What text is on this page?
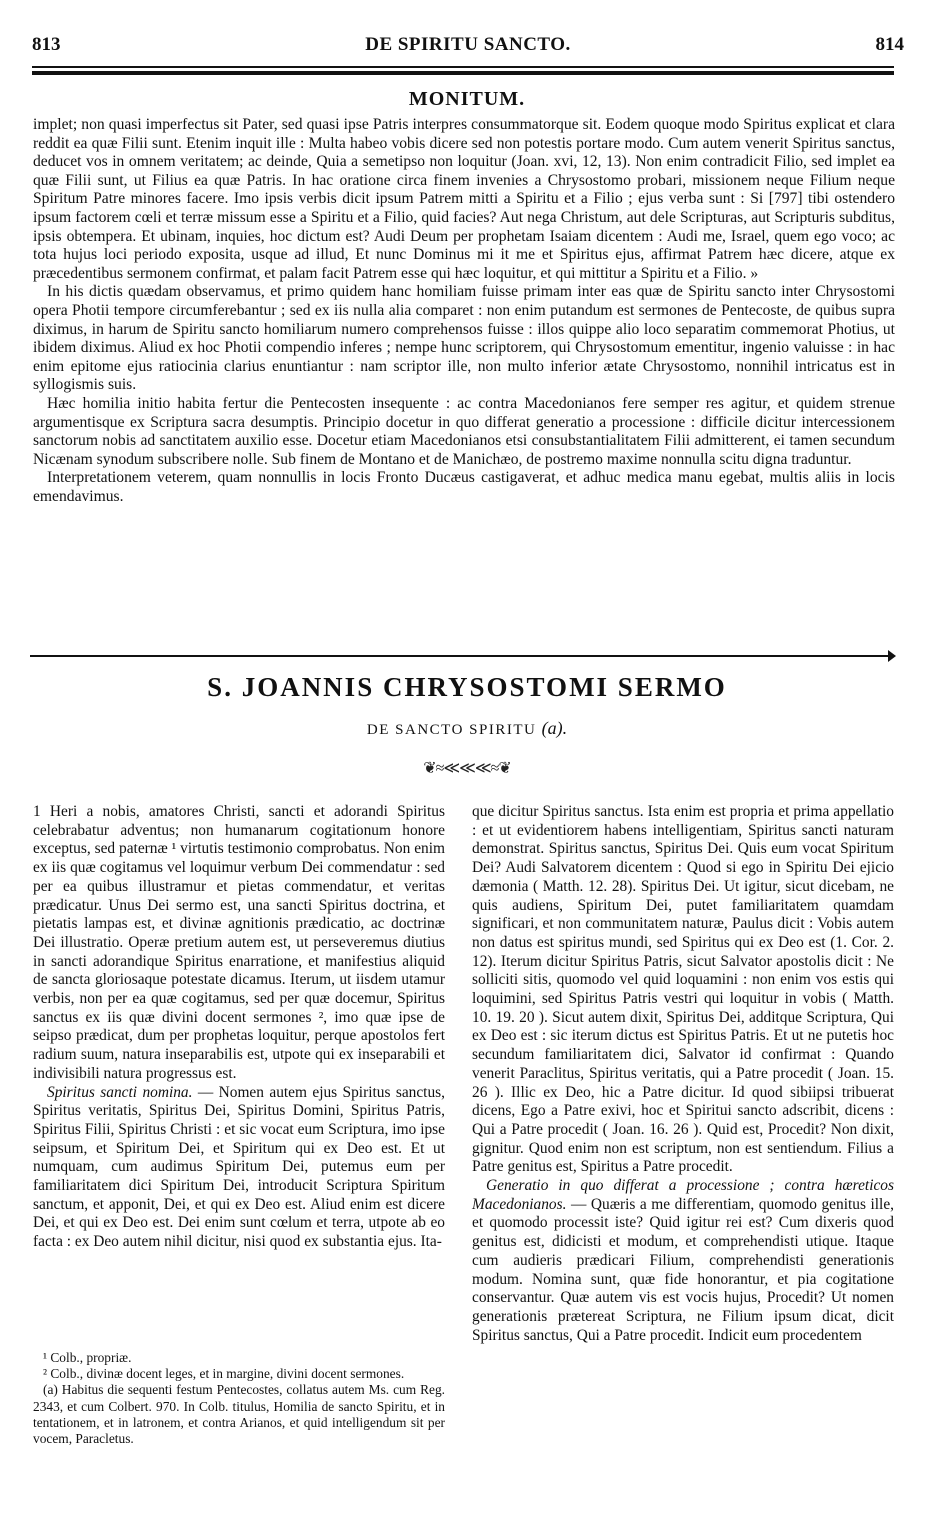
813	DE SPIRITU SANCTO.	814
MONITUM.

implet; non quasi imperfectus sit Pater, sed quasi ipse Patris interpres consummatorque sit. Eodem quoque modo Spiritus explicat et clara reddit ea quæ Filii sunt. Etenim inquit ille : Multa habeo vobis dicere sed non potestis portare modo. Cum autem venerit Spiritus sanctus, deducet vos in omnem veritatem; ac deinde, Quia a semetipso non loquitur (Joan. xvi, 12, 13). Non enim contradicit Filio, sed implet ea quæ Filii sunt, ut Filius ea quæ Patris. In hac oratione circa finem invenies a Chrysostomo probari, missionem neque Filium neque Spiritum Patre minores facere. Imo ipsis verbis dicit ipsum Patrem mitti a Spiritu et a Filio ; ejus verba sunt : Si [797] tibi ostendero ipsum factorem cœli et terræ missum esse a Spiritu et a Filio, quid facies? Aut nega Christum, aut dele Scripturas, aut Scripturis subditus, ipsis obtempera. Et ubinam, inquies, hoc dictum est? Audi Deum per prophetam Isaiam dicentem : Audi me, Israel, quem ego voco; ac tota hujus loci periodo exposita, usque ad illud, Et nunc Dominus mi it me et Spiritus ejus, affirmat Patrem hæc dicere, atque ex præcedentibus sermonem confirmat, et palam facit Patrem esse qui hæc loquitur, et qui mittitur a Spiritu et a Filio. »

In his dictis quædam observamus, et primo quidem hanc homiliam fuisse primam inter eas quæ de Spiritu sancto inter Chrysostomi opera Photii tempore circumferebantur ; sed ex iis nulla alia comparet : non enim putandum est sermones de Pentecoste, de quibus supra diximus, in harum de Spiritu sancto homiliarum numero comprehensos fuisse : illos quippe alio loco separatim commemorat Photius, ut ibidem diximus. Aliud ex hoc Photii compendio inferes ; nempe hunc scriptorem, qui Chrysostomum ementitur, ingenio valuisse : in hac enim epitome ejus ratiocinia clarius enuntiantur : nam scriptor ille, non multo inferior ætate Chrysostomo, nonnihil intricatus est in syllogismis suis.

Hæc homilia initio habita fertur die Pentecosten insequente : ac contra Macedonianos fere semper res agitur, et quidem strenue argumentisque ex Scriptura sacra desumptis. Principio docetur in quo differat generatio a processione : difficile dicitur intercessionem sanctorum nobis ad sanctitatem auxilio esse. Docetur etiam Macedonianos etsi consubstantialitatem Filii admitterent, ei tamen secundum Nicænam synodum subscribere nolle. Sub finem de Montano et de Manichæo, de postremo maxime nonnulla scitu digna traduntur.

Interpretationem veterem, quam nonnullis in locis Fronto Ducæus castigaverat, et adhuc medica manu egebat, multis aliis in locis emendavimus.

S. JOANNIS CHRYSOSTOMI SERMO
DE SANCTO SPIRITU (a).
❦≈≪≪≪≈❦

1 Heri a nobis, amatores Christi, sancti et adorandi Spiritus celebrabatur adventus; non humanarum cogitationum honore exceptus, sed paternæ ¹ virtutis testimonio comprobatus. Non enim ex iis quæ cogitamus vel loquimur verbum Dei commendatur : sed per ea quibus illustramur et pietas commendatur, et veritas prædicatur. Unus Dei sermo est, una sancti Spiritus doctrina, et pietatis lampas est, et divinæ agnitionis prædicatio, ac doctrinæ Dei illustratio. Operæ pretium autem est, ut perseveremus diutius in sancti adorandique Spiritus enarratione, et manifestius aliquid de sancta gloriosaque potestate dicamus. Iterum, ut iisdem utamur verbis, non per ea quæ cogitamus, sed per quæ docemur, Spiritus sanctus ex iis quæ divini docent sermones ², imo quæ ipse de seipso prædicat, dum per prophetas loquitur, perque apostolos fert radium suum, natura inseparabilis est, utpote qui ex inseparabili et indivisibili natura progressus est.

Spiritus sancti nomina. — Nomen autem ejus Spiritus sanctus, Spiritus veritatis, Spiritus Dei, Spiritus Domini, Spiritus Patris, Spiritus Filii, Spiritus Christi : et sic vocat eum Scriptura, imo ipse seipsum, et Spiritum Dei, et Spiritum qui ex Deo est. Et ut numquam, cum audimus Spiritum Dei, putemus eum per familiaritatem dici Spiritum Dei, introducit Scriptura Spiritum sanctum, et apponit, Dei, et qui ex Deo est. Aliud enim est dicere Dei, et qui ex Deo est. Dei enim sunt cœlum et terra, utpote ab eo facta : ex Deo autem nihil dicitur, nisi quod ex substantia ejus. Ita-

¹ Colb., propriæ.

² Colb., divinæ docent leges, et in margine, divini docent sermones.

(a) Habitus die sequenti festum Pentecostes, collatus autem Ms. cum Reg. 2343, et cum Colbert. 970. In Colb. titulus, Homilia de sancto Spiritu, et in tentationem, et in latronem, et contra Arianos, et quid intelligendum sit per vocem, Paracletus.

que dicitur Spiritus sanctus. Ista enim est propria et prima appellatio : et ut evidentiorem habens intelligentiam, Spiritus sancti naturam demonstrat. Spiritus sanctus, Spiritus Dei. Quis eum vocat Spiritum Dei? Audi Salvatorem dicentem : Quod si ego in Spiritu Dei ejicio dæmonia ( Matth. 12. 28). Spiritus Dei. Ut igitur, sicut dicebam, ne quis audiens, Spiritum Dei, putet familiaritatem quamdam significari, et non communitatem naturæ, Paulus dicit : Vobis autem non datus est spiritus mundi, sed Spiritus qui ex Deo est (1. Cor. 2. 12). Iterum dicitur Spiritus Patris, sicut Salvator apostolis dicit : Ne solliciti sitis, quomodo vel quid loquamini : non enim vos estis qui loquimini, sed Spiritus Patris vestri qui loquitur in vobis ( Matth. 10. 19. 20 ). Sicut autem dixit, Spiritus Dei, additque Scriptura, Qui ex Deo est : sic iterum dictus est Spiritus Patris. Et ut ne putetis hoc secundum familiaritatem dici, Salvator id confirmat : Quando venerit Paraclitus, Spiritus veritatis, qui a Patre procedit ( Joan. 15. 26 ). Illic ex Deo, hic a Patre dicitur. Id quod sibiipsi tribuerat dicens, Ego a Patre exivi, hoc et Spiritui sancto adscribit, dicens : Qui a Patre procedit ( Joan. 16. 26 ). Quid est, Procedit? Non dixit, gignitur. Quod enim non est scriptum, non est sentiendum. Filius a Patre genitus est, Spiritus a Patre procedit.

Generatio in quo differat a processione ; contra hæreticos Macedonianos. — Quæris a me differentiam, quomodo genitus ille, et quomodo processit iste? Quid igitur rei est? Cum dixeris quod genitus est, didicisti et modum, et comprehendisti utique. Itaque cum audieris prædicari Filium, comprehendisti generationis modum. Nomina sunt, quæ fide honorantur, et pia cogitatione conservantur. Quæ autem vis est vocis hujus, Procedit? Ut nomen generationis prætereat Scriptura, ne Filium ipsum dicat, dicit Spiritus sanctus, Qui a Patre procedit. Indicit eum procedentem
